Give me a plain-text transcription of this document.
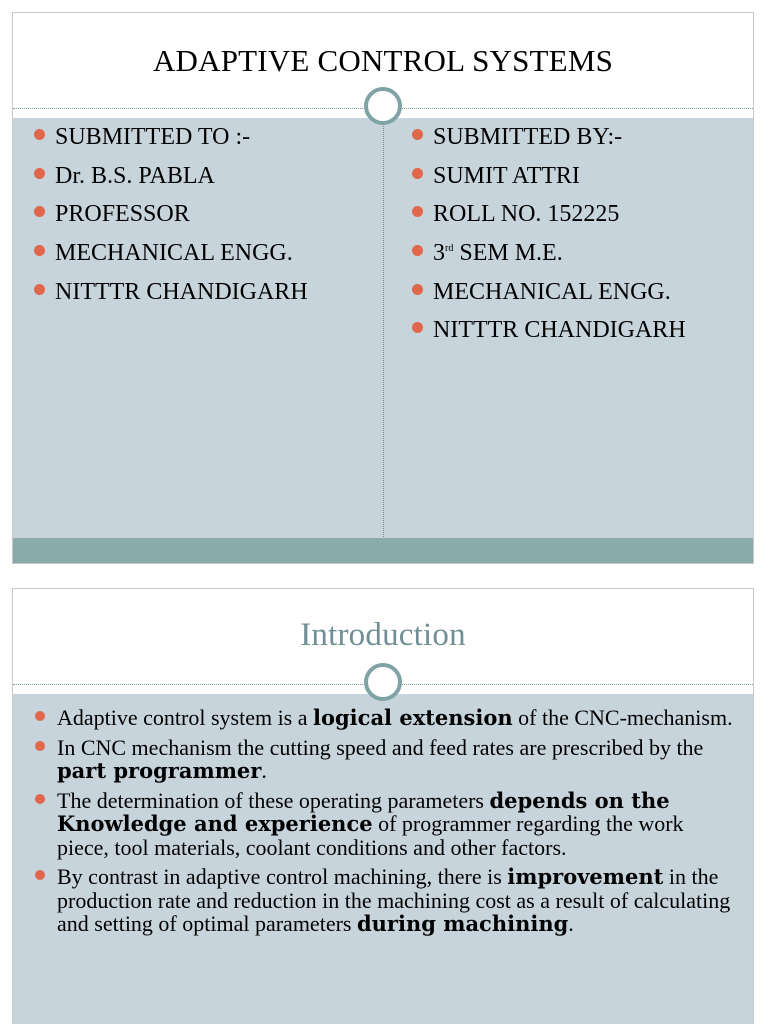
ADAPTIVE CONTROL SYSTEMS
SUBMITTED TO :-
Dr. B.S. PABLA
PROFESSOR
MECHANICAL ENGG.
NITTTR CHANDIGARH
SUBMITTED BY:-
SUMIT ATTRI
ROLL NO. 152225
3rd SEM M.E.
MECHANICAL ENGG.
NITTTR CHANDIGARH
Introduction
Adaptive control system is a logical extension of the CNC-mechanism.
In CNC mechanism the cutting speed and feed rates are prescribed by the part programmer.
The determination of these operating parameters depends on the Knowledge and experience of programmer regarding the work piece, tool materials, coolant conditions and other factors.
By contrast in adaptive control machining, there is improvement in the production rate and reduction in the machining cost as a result of calculating and setting of optimal parameters during machining.
